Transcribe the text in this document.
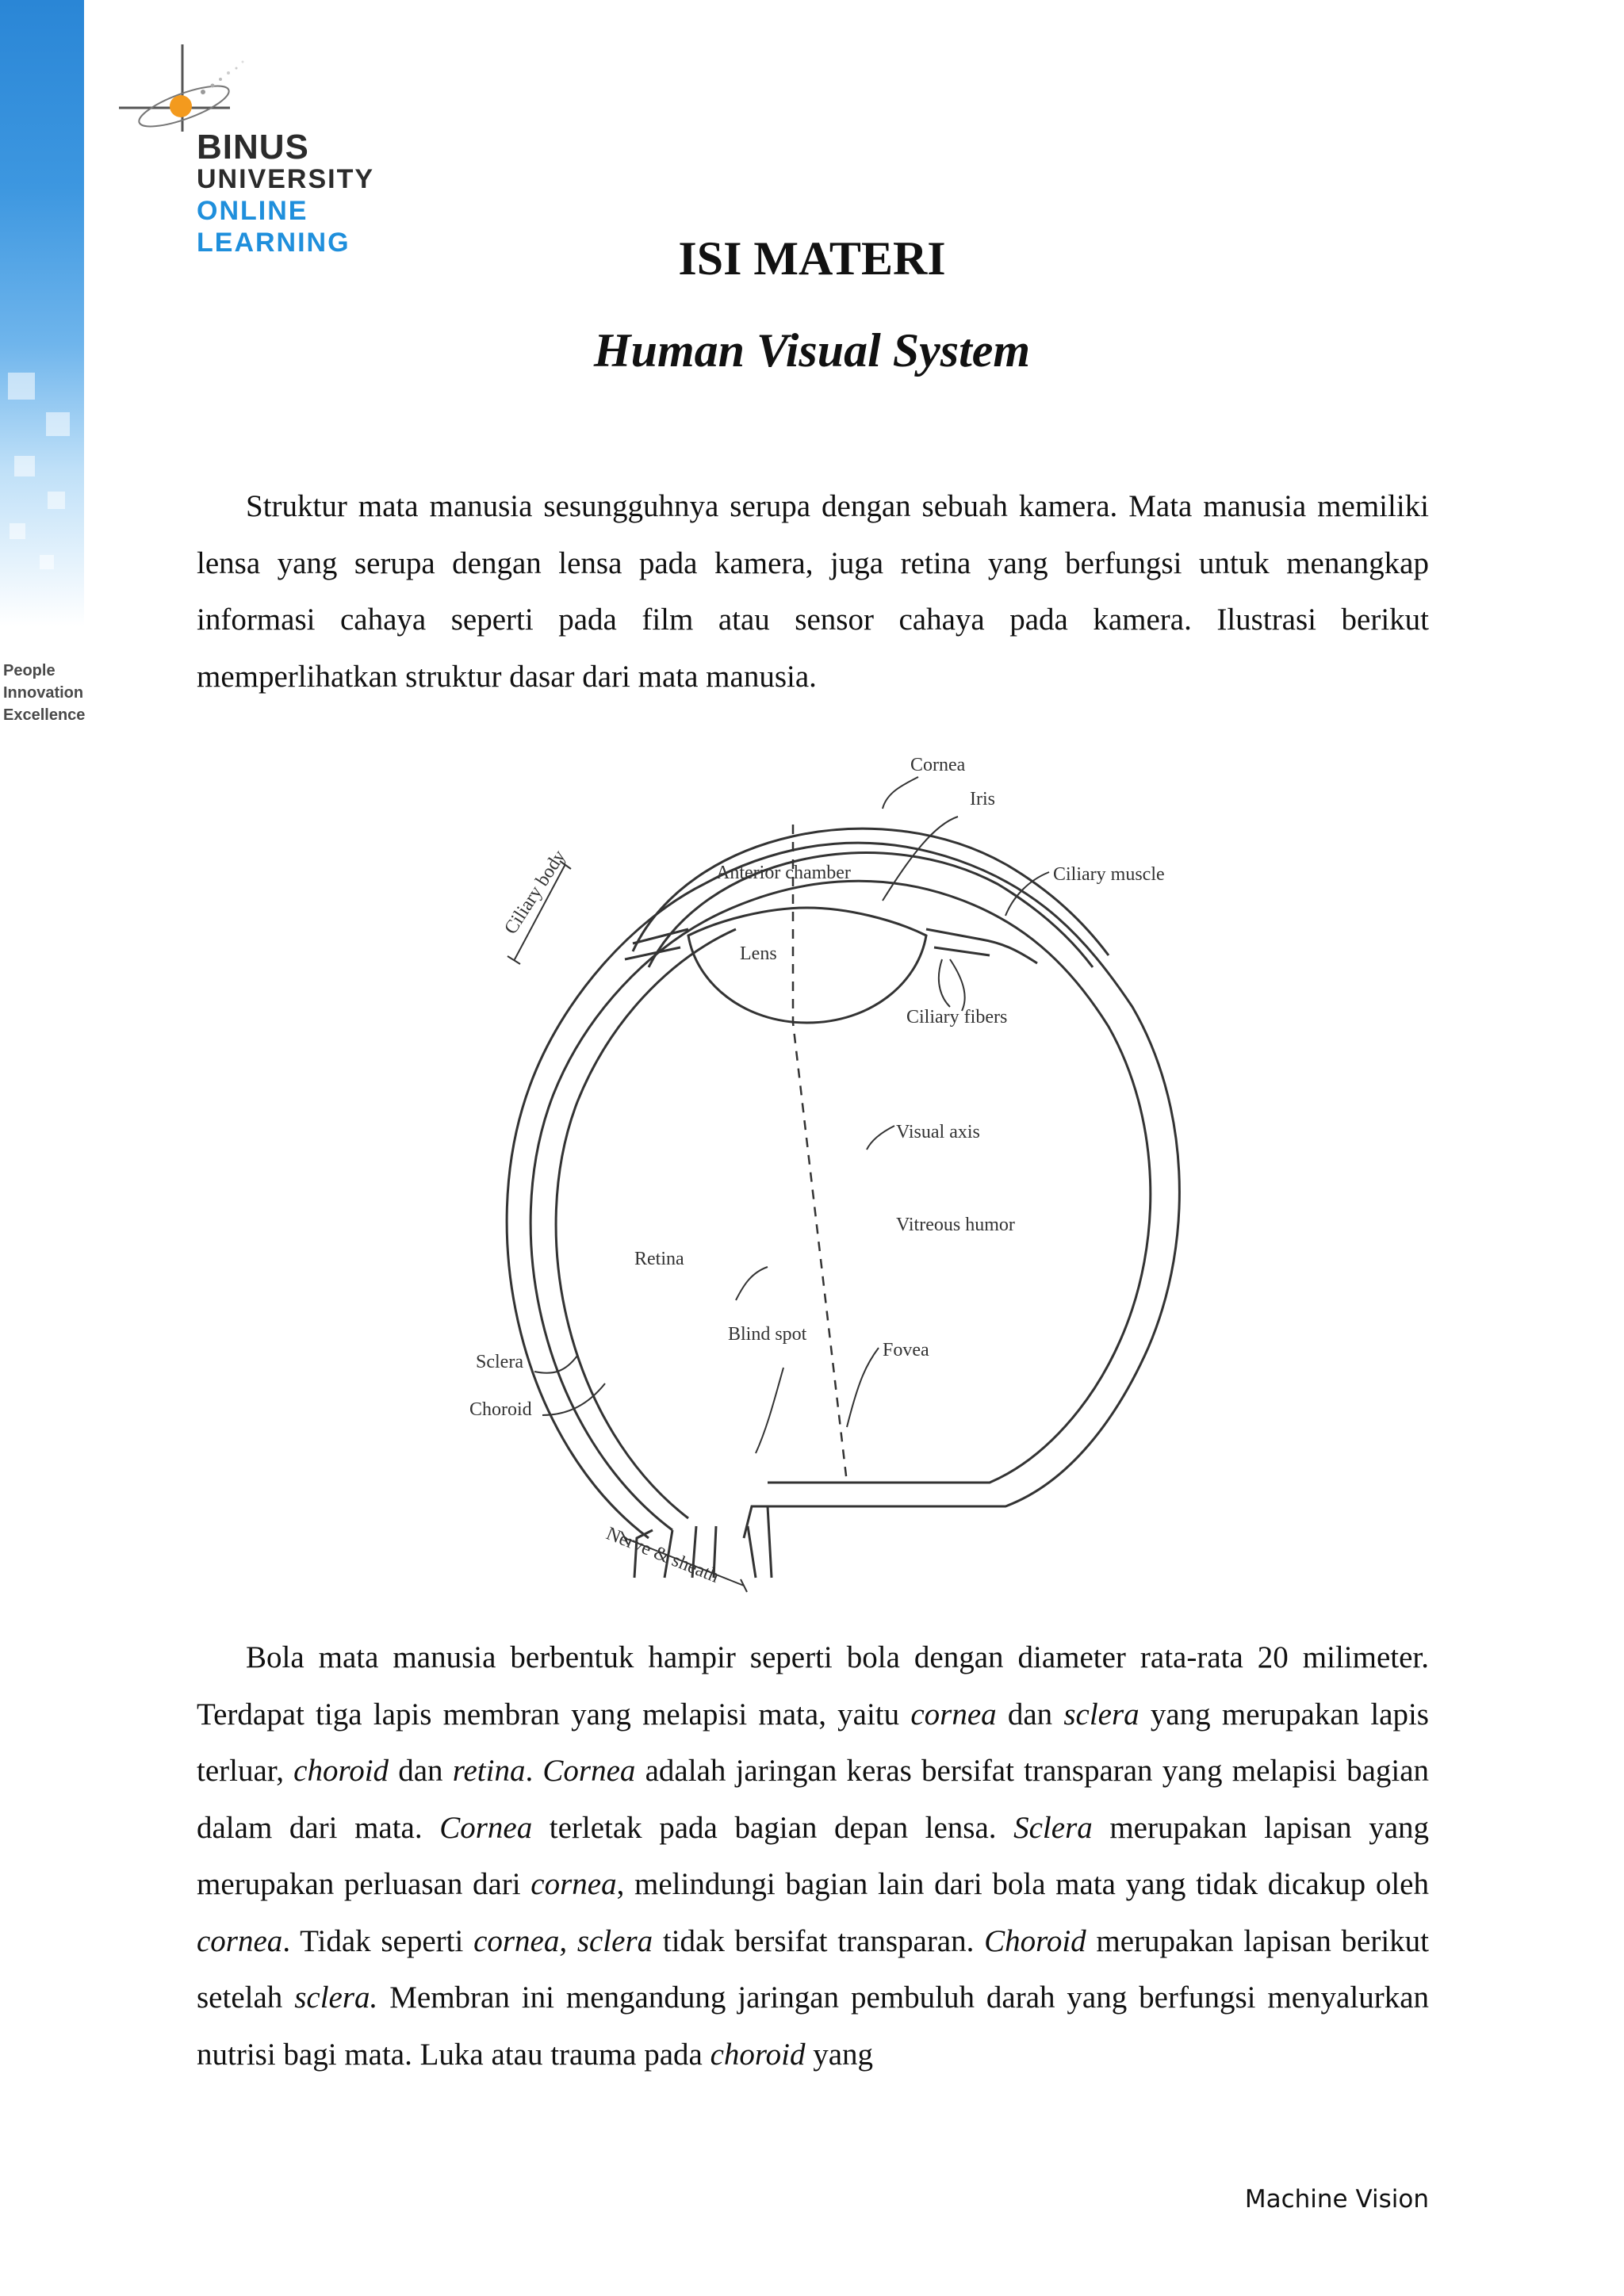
People
Innovation
Excellence
BINUS
UNIVERSITY
ONLINE
LEARNING	ISI MATERI
Human Visual System

Struktur mata manusia sesungguhnya serupa dengan sebuah kamera. Mata manusia memiliki lensa yang serupa dengan lensa pada kamera, juga retina yang berfungsi untuk menangkap informasi cahaya seperti pada film atau sensor cahaya pada kamera. Ilustrasi berikut memperlihatkan struktur dasar dari mata manusia.

Cornea
Iris
Ciliary muscle
Anterior chamber
Ciliary body
Lens
Ciliary fibers
Visual axis
Vitreous humor
Retina
Blind spot
Fovea
Sclera
Choroid
Nerve & sheath

Bola mata manusia berbentuk hampir seperti bola dengan diameter rata-rata 20 milimeter. Terdapat tiga lapis membran yang melapisi mata, yaitu cornea dan sclera yang merupakan lapis terluar, choroid dan retina. Cornea adalah jaringan keras bersifat transparan yang melapisi bagian dalam dari mata. Cornea terletak pada bagian depan lensa. Sclera merupakan lapisan yang merupakan perluasan dari cornea, melindungi bagian lain dari bola mata yang tidak dicakup oleh cornea. Tidak seperti cornea, sclera tidak bersifat transparan. Choroid merupakan lapisan berikut setelah sclera. Membran ini mengandung jaringan pembuluh darah yang berfungsi menyalurkan nutrisi bagi mata. Luka atau trauma pada choroid yang

Machine Vision
